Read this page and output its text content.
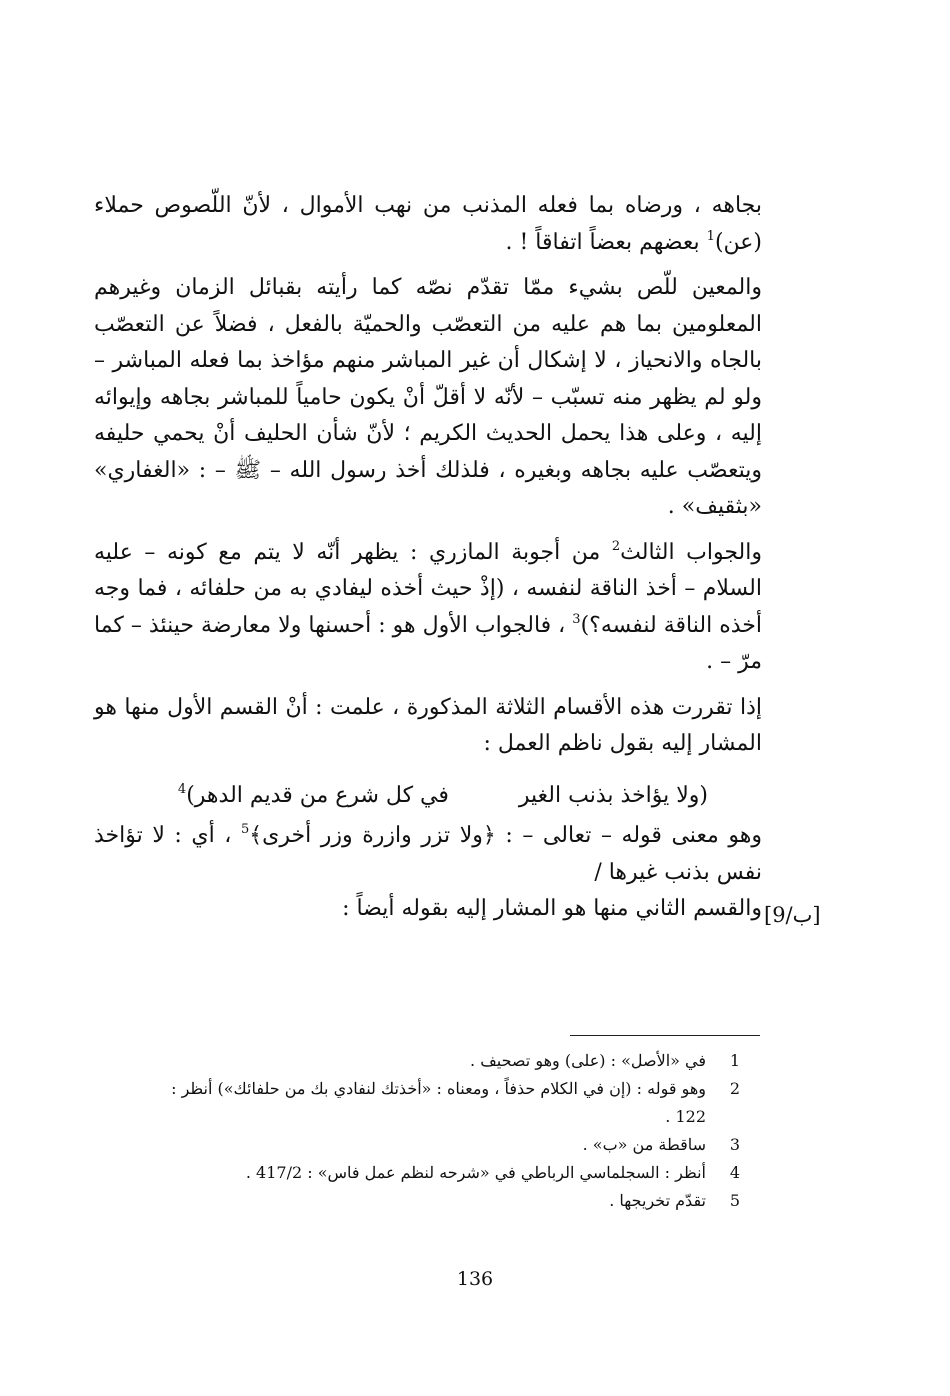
بجاهه ، ورضاه بما فعله المذنب من نهب الأموال ، لأنّ اللّصوص حملاء (عن)$^1$ بعضهم بعضاً اتفاقاً ! .

والمعين للّص بشيء ممّا تقدّم نصّه كما رأيته بقبائل الزمان وغيرهم المعلومين بما هم عليه من التعصّب والحميّة بالفعل ، فضلاً عن التعصّب بالجاه والانحياز ، لا إشكال أن غير المباشر منهم مؤاخذ بما فعله المباشر – ولو لم يظهر منه تسبّب – لأنّه لا أقلّ أنْ يكون حامياً للمباشر بجاهه وإيوائه إليه ، وعلى هذا يحمل الحديث الكريم ؛ لأنّ شأن الحليف أنْ يحمي حليفه ويتعصّب عليه بجاهه وبغيره ، فلذلك أخذ رسول الله – ﷺ – : «الغفاري» «بثقيف» .

والجواب الثالث$^2$ من أجوبة المازري : يظهر أنّه لا يتم مع كونه – عليه السلام – أخذ الناقة لنفسه ، (إذْ حيث أخذه ليفادي به من حلفائه ، فما وجه أخذه الناقة لنفسه؟)$^3$ ، فالجواب الأول هو : أحسنها ولا معارضة حينئذ – كما مرّ – .

إذا تقررت هذه الأقسام الثلاثة المذكورة ، علمت : أنْ القسم الأول منها هو المشار إليه بقول ناظم العمل :

(ولا يؤاخذ بذنب الغير
في كل شرع من قديم الدهر)$^4$

وهو معنى قوله – تعالى – : ﴿ولا تزر وازرة وزر أخرى﴾$^5$ ، أي : لا تؤاخذ نفس بذنب غيرها /

والقسم الثاني منها هو المشار إليه بقوله أيضاً : [9/ب]
1
في «الأصل» : (على) وهو تصحيف .
2
وهو قوله : (إن في الكلام حذفاً ، ومعناه : «أخذتك لنفادي بك من حلفائك») أنظر :
122 .
3
ساقطة من «ب» .
4
أنظر : السجلماسي الرباطي في «شرحه لنظم عمل فاس» : 417/2 .
5
تقدّم تخريجها .
136
